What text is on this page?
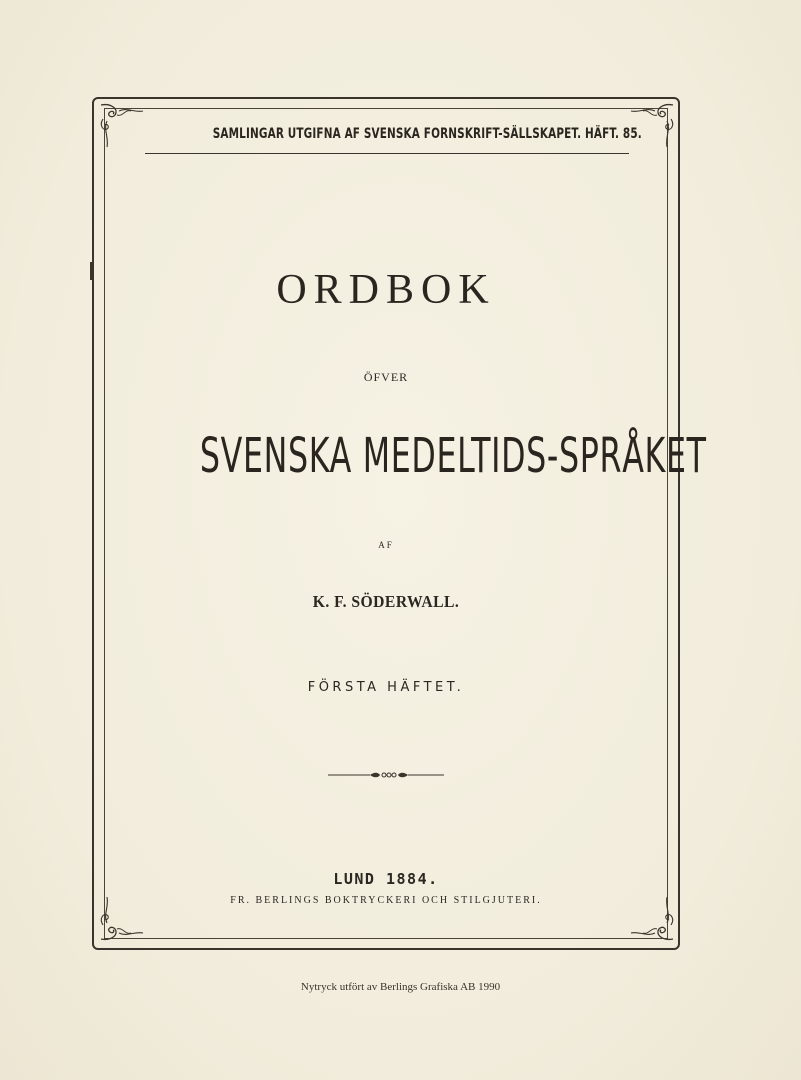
SAMLINGAR UTGIFNA AF SVENSKA FORNSKRIFT-SÄLLSKAPET. HÄFT. 85.
ORDBOK
ÖFVER
SVENSKA MEDELTIDS-SPRÅKET
AF
K. F. SÖDERWALL.
FÖRSTA HÄFTET.
LUND 1884.
FR. BERLINGS BOKTRYCKERI OCH STILGJUTERI.
Nytryck utfört av Berlings Grafiska AB 1990
